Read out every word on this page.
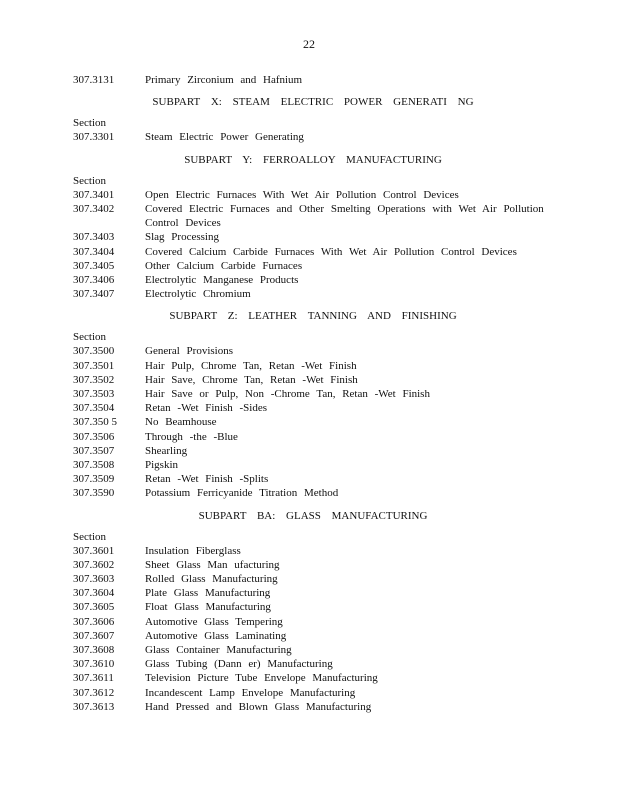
22
307.3131	Primary Zirconium and Hafnium
SUBPART X: STEAM ELECTRIC POWER GENERATI NG
Section
307.3301	Steam Electric Power Generating
SUBPART Y: FERROALLOY MANUFACTURING
Section
307.3401	Open Electric Furnaces With Wet Air Pollution Control Devices
307.3402	Covered Electric Furnaces and Other Smelting Operations with Wet Air Pollution Control Devices
307.3403	Slag Processing
307.3404	Covered Calcium Carbide Furnaces With Wet Air Pollution Control Devices
307.3405	Other Calcium Carbide Furnaces
307.3406	Electrolytic Manganese Products
307.3407	Electrolytic Chromium
SUBPART Z: LEATHER TANNING AND FINISHING
Section
307.3500	General Provisions
307.3501	Hair Pulp, Chrome Tan, Retan -Wet Finish
307.3502	Hair Save, Chrome Tan, Retan -Wet Finish
307.3503	Hair Save or Pulp, Non -Chrome Tan, Retan -Wet Finish
307.3504	Retan -Wet Finish -Sides
307.350 5	No Beamhouse
307.3506	Through -the -Blue
307.3507	Shearling
307.3508	Pigskin
307.3509	Retan -Wet Finish -Splits
307.3590	Potassium Ferricyanide Titration Method
SUBPART BA: GLASS MANUFACTURING
Section
307.3601	Insulation Fiberglass
307.3602	Sheet Glass Man ufacturing
307.3603	Rolled Glass Manufacturing
307.3604	Plate Glass Manufacturing
307.3605	Float Glass Manufacturing
307.3606	Automotive Glass Tempering
307.3607	Automotive Glass Laminating
307.3608	Glass Container Manufacturing
307.3610	Glass Tubing (Dann er) Manufacturing
307.3611	Television Picture Tube Envelope Manufacturing
307.3612	Incandescent Lamp Envelope Manufacturing
307.3613	Hand Pressed and Blown Glass Manufacturing
